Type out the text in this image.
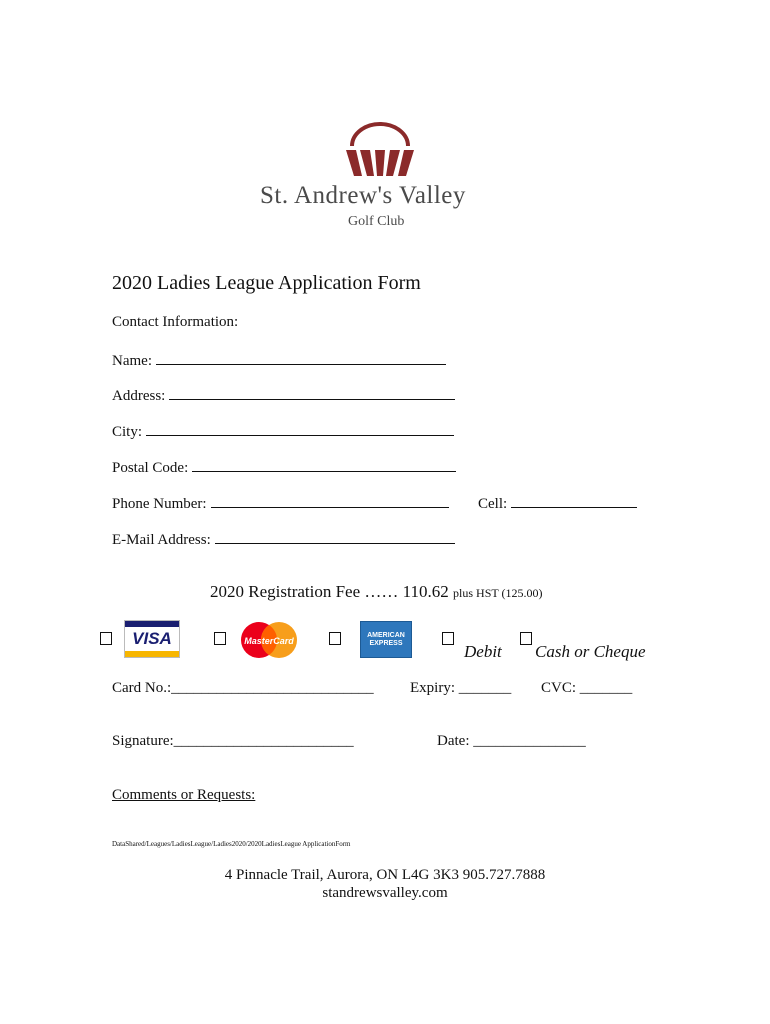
St. Andrew's Valley
Golf Club
2020 Ladies League Application Form
Contact Information:
Name:
Address:
City:
Postal Code:
Phone Number:	Cell:
E-Mail Address:
2020 Registration Fee …… 110.62 plus HST (125.00)
VISA	MasterCard
AMERICAN EXPRESS	Debit Cash or Cheque
Card No.:___________________________ Expiry: _______ CVC: _______
Signature:________________________	Date: _______________
Comments or Requests:
DataShared/Leagues/LadiesLeague/Ladies2020/2020LadiesLeague ApplicationForm
4 Pinnacle Trail, Aurora, ON L4G 3K3 905.727.7888
standrewsvalley.com
